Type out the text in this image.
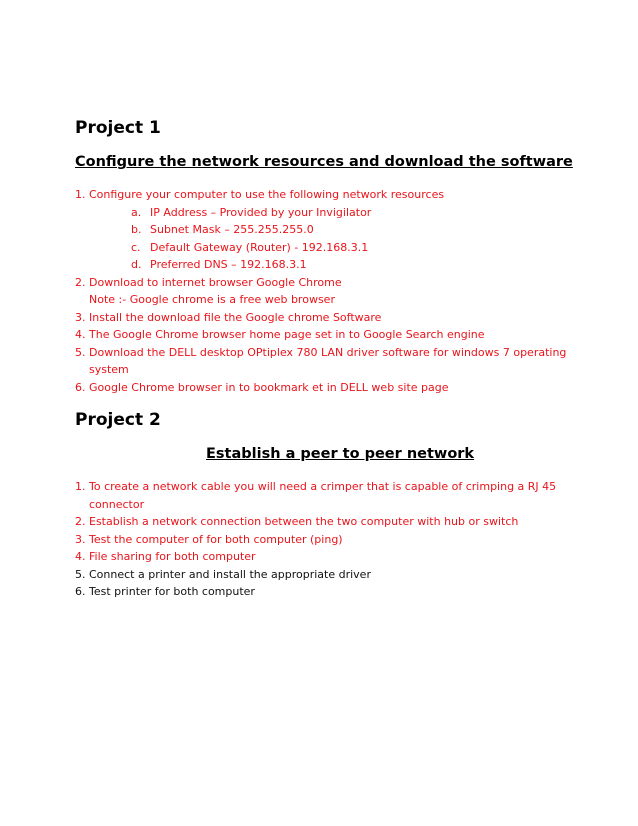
Project 1
Configure the network resources and download the software
1. Configure your computer to use the following network resources
a. IP Address – Provided by your Invigilator
b. Subnet Mask – 255.255.255.0
c. Default Gateway (Router) - 192.168.3.1
d. Preferred DNS – 192.168.3.1
2. Download to internet browser Google Chrome
Note :- Google chrome is a free web browser
3. Install the download file the Google chrome Software
4. The Google Chrome browser home page set in to Google Search engine
5. Download the DELL desktop OPtiplex 780 LAN driver software for windows 7 operating
system
6. Google Chrome browser in to bookmark et in DELL web site page
Project 2
Establish a peer to peer network
1. To create a network cable you will need a crimper that is capable of crimping a RJ 45
connector
2. Establish a network connection between the two computer with hub or switch
3. Test the computer of for both computer (ping)
4. File sharing for both computer
5. Connect a printer and install the appropriate driver
6. Test printer for both computer
